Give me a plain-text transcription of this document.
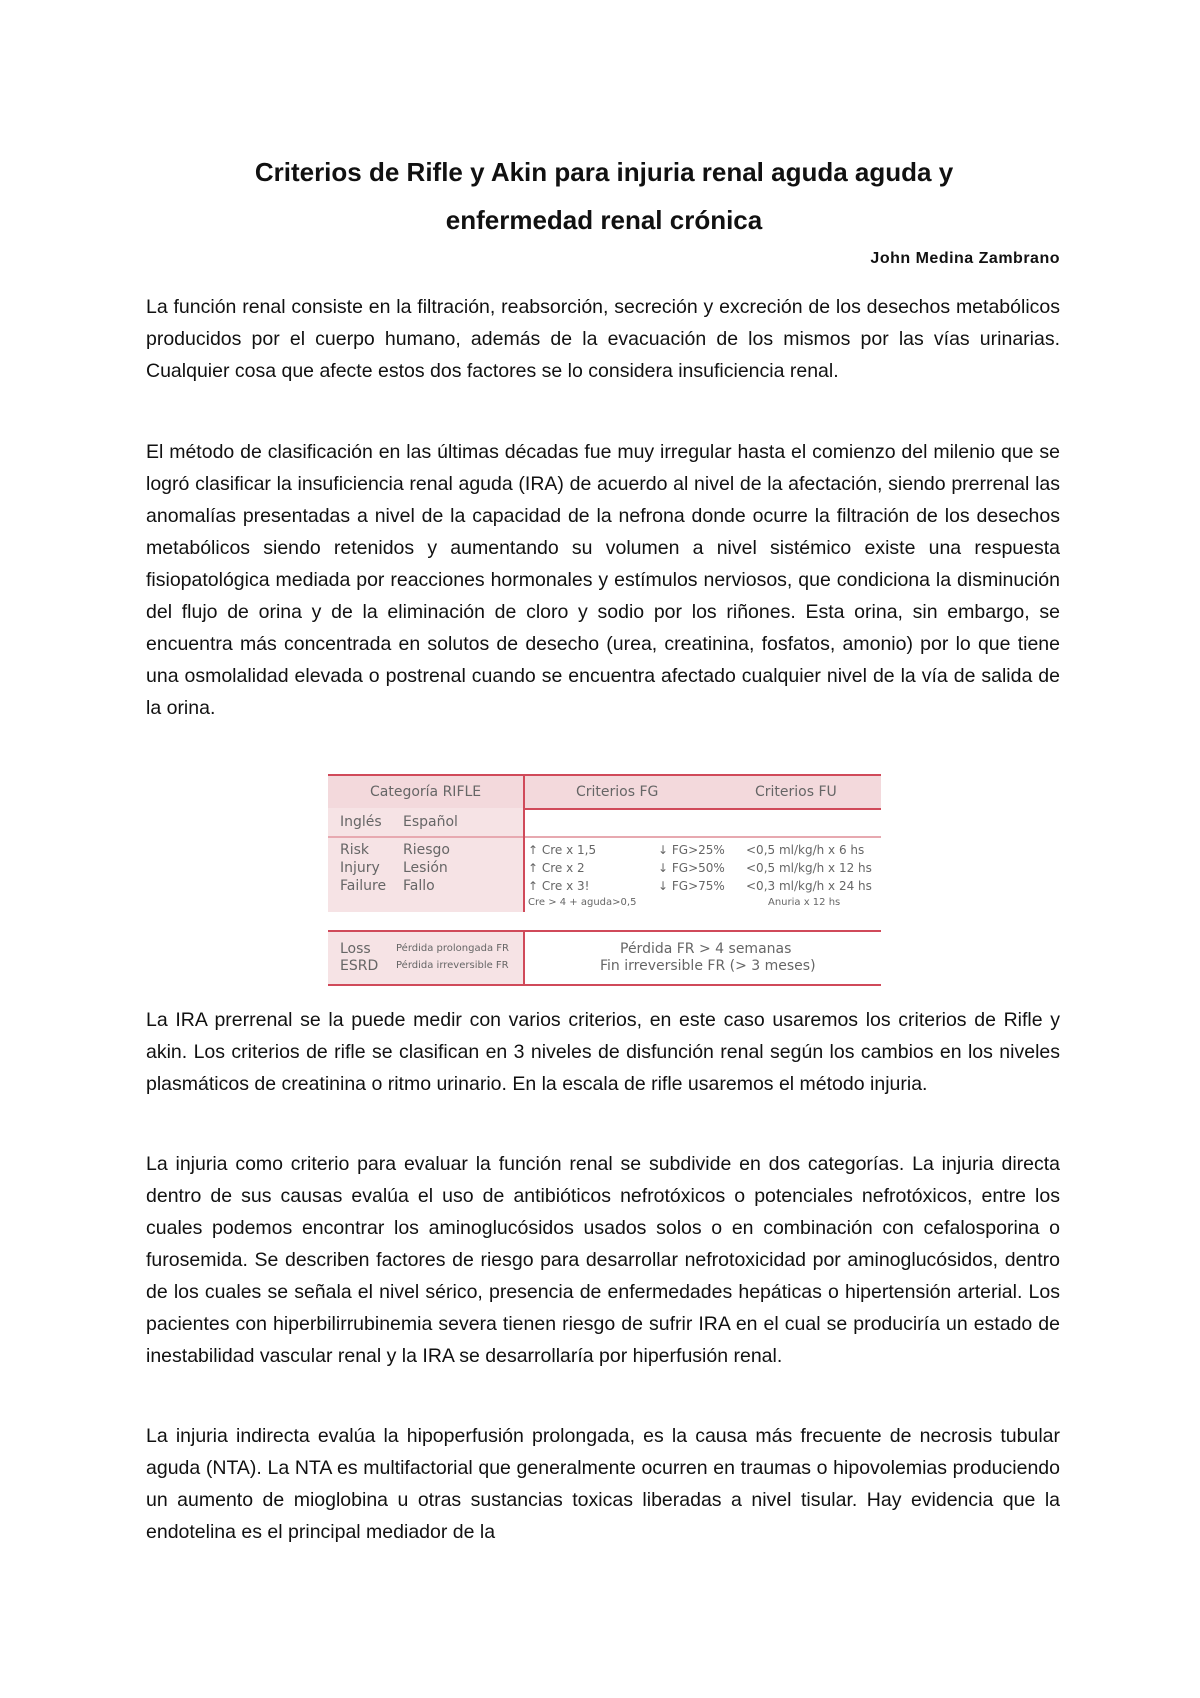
Criterios de Rifle y Akin para injuria renal aguda aguda y
enfermedad renal crónica
John Medina Zambrano

La función renal consiste en la filtración, reabsorción, secreción y excreción de los desechos metabólicos producidos por el cuerpo humano, además de la evacuación de los mismos por las vías urinarias. Cualquier cosa que afecte estos dos factores se lo considera insuficiencia renal.

El método de clasificación en las últimas décadas fue muy irregular hasta el comienzo del milenio que se logró clasificar la insuficiencia renal aguda (IRA) de acuerdo al nivel de la afectación, siendo prerrenal las anomalías presentadas a nivel de la capacidad de la nefrona donde ocurre la filtración de los desechos metabólicos siendo retenidos y aumentando su volumen a nivel sistémico existe una respuesta fisiopatológica mediada por reacciones hormonales y estímulos nerviosos, que condiciona la disminución del flujo de orina y de la eliminación de cloro y sodio por los riñones. Esta orina, sin embargo, se encuentra más concentrada en solutos de desecho (urea, creatinina, fosfatos, amonio) por lo que tiene una osmolalidad elevada o postrenal cuando se encuentra afectado cualquier nivel de la vía de salida de la orina.

Categoría RIFLE	Criterios FG	Criterios FU
Inglés Español
Risk
Injury
Failure
Riesgo
Lesión
Fallo
↑ Cre x 1,5
↑ Cre x 2
↑ Cre x 3!
Cre > 4 + aguda>0,5
↓ FG>25%
↓ FG>50%
↓ FG>75%
<0,5 ml/kg/h x 6 hs
<0,5 ml/kg/h x 12 hs
<0,3 ml/kg/h x 24 hs
Anuria x 12 hs
Loss
ESRD
Pérdida prolongada FR
Pérdida irreversible FR
Pérdida FR > 4 semanas
Fin irreversible FR (> 3 meses)

La IRA prerrenal se la puede medir con varios criterios, en este caso usaremos los criterios de Rifle y akin. Los criterios de rifle se clasifican en 3 niveles de disfunción renal según los cambios en los niveles plasmáticos de creatinina o ritmo urinario. En la escala de rifle usaremos el método injuria.

La injuria como criterio para evaluar la función renal se subdivide en dos categorías. La injuria directa dentro de sus causas evalúa el uso de antibióticos nefrotóxicos o potenciales nefrotóxicos, entre los cuales podemos encontrar los aminoglucósidos usados solos o en combinación con cefalosporina o furosemida. Se describen factores de riesgo para desarrollar nefrotoxicidad por aminoglucósidos, dentro de los cuales se señala el nivel sérico, presencia de enfermedades hepáticas o hipertensión arterial. Los pacientes con hiperbilirrubinemia severa tienen riesgo de sufrir IRA en el cual se produciría un estado de inestabilidad vascular renal y la IRA se desarrollaría por hiperfusión renal.

La injuria indirecta evalúa la hipoperfusión prolongada, es la causa más frecuente de necrosis tubular aguda (NTA). La NTA es multifactorial que generalmente ocurren en traumas o hipovolemias produciendo un aumento de mioglobina u otras sustancias toxicas liberadas a nivel tisular. Hay evidencia que la endotelina es el principal mediador de la
